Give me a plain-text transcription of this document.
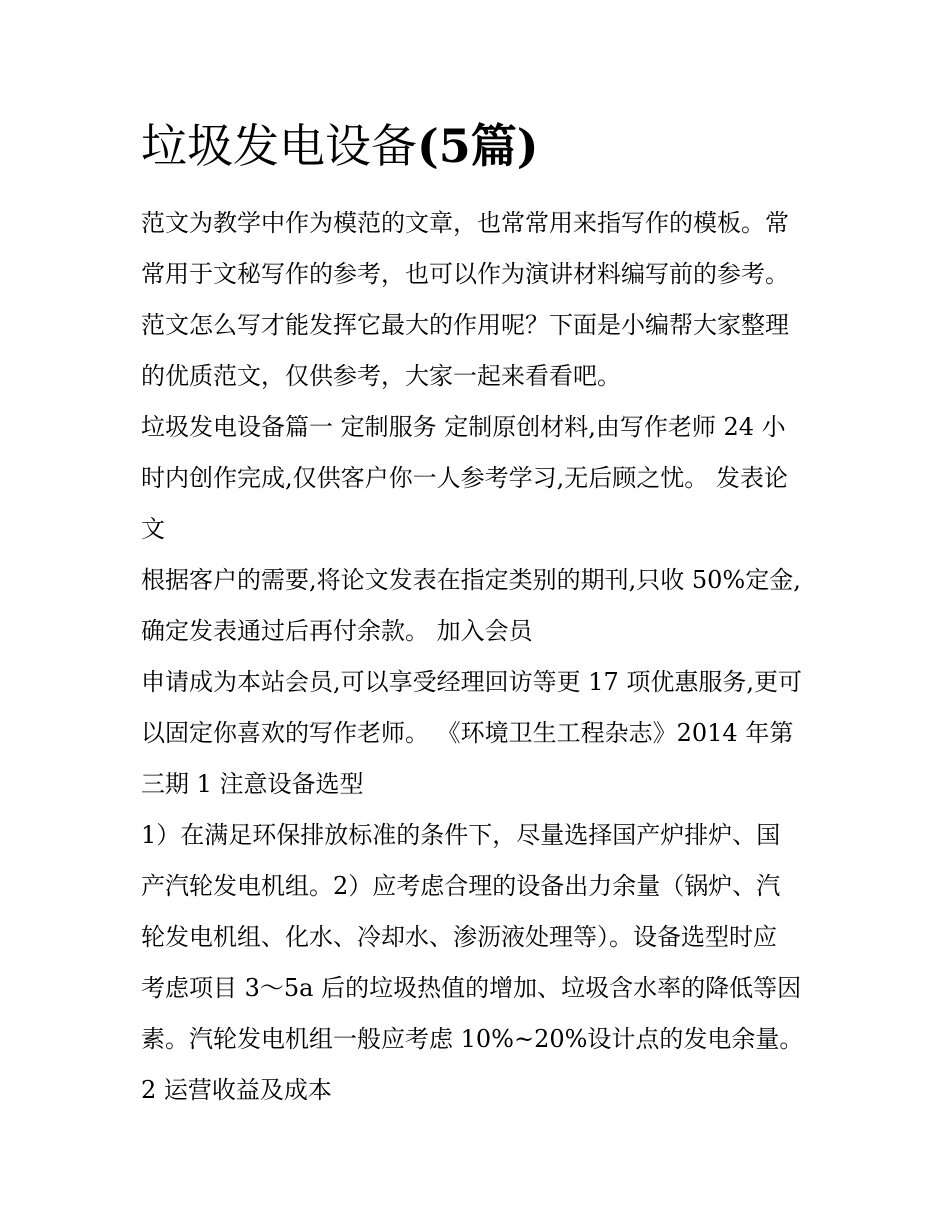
垃圾发电设备(5篇)
范文为教学中作为模范的文章，也常常用来指写作的模板。常
常用于文秘写作的参考，也可以作为演讲材料编写前的参考。
范文怎么写才能发挥它最大的作用呢？下面是小编帮大家整理
的优质范文，仅供参考，大家一起来看看吧。
垃圾发电设备篇一 定制服务 定制原创材料,由写作老师 24 小
时内创作完成,仅供客户你一人参考学习,无后顾之忧。 发表论
文
根据客户的需要,将论文发表在指定类别的期刊,只收 50%定金,
确定发表通过后再付余款。 加入会员
申请成为本站会员,可以享受经理回访等更 17 项优惠服务,更可
以固定你喜欢的写作老师。 《环境卫生工程杂志》2014 年第
三期 1 注意设备选型
1）在满足环保排放标准的条件下，尽量选择国产炉排炉、国
产汽轮发电机组。2）应考虑合理的设备出力余量（锅炉、汽
轮发电机组、化水、冷却水、渗沥液处理等）。设备选型时应
考虑项目 3～5a 后的垃圾热值的增加、垃圾含水率的降低等因
素。汽轮发电机组一般应考虑 10%~20%设计点的发电余量。
2 运营收益及成本
